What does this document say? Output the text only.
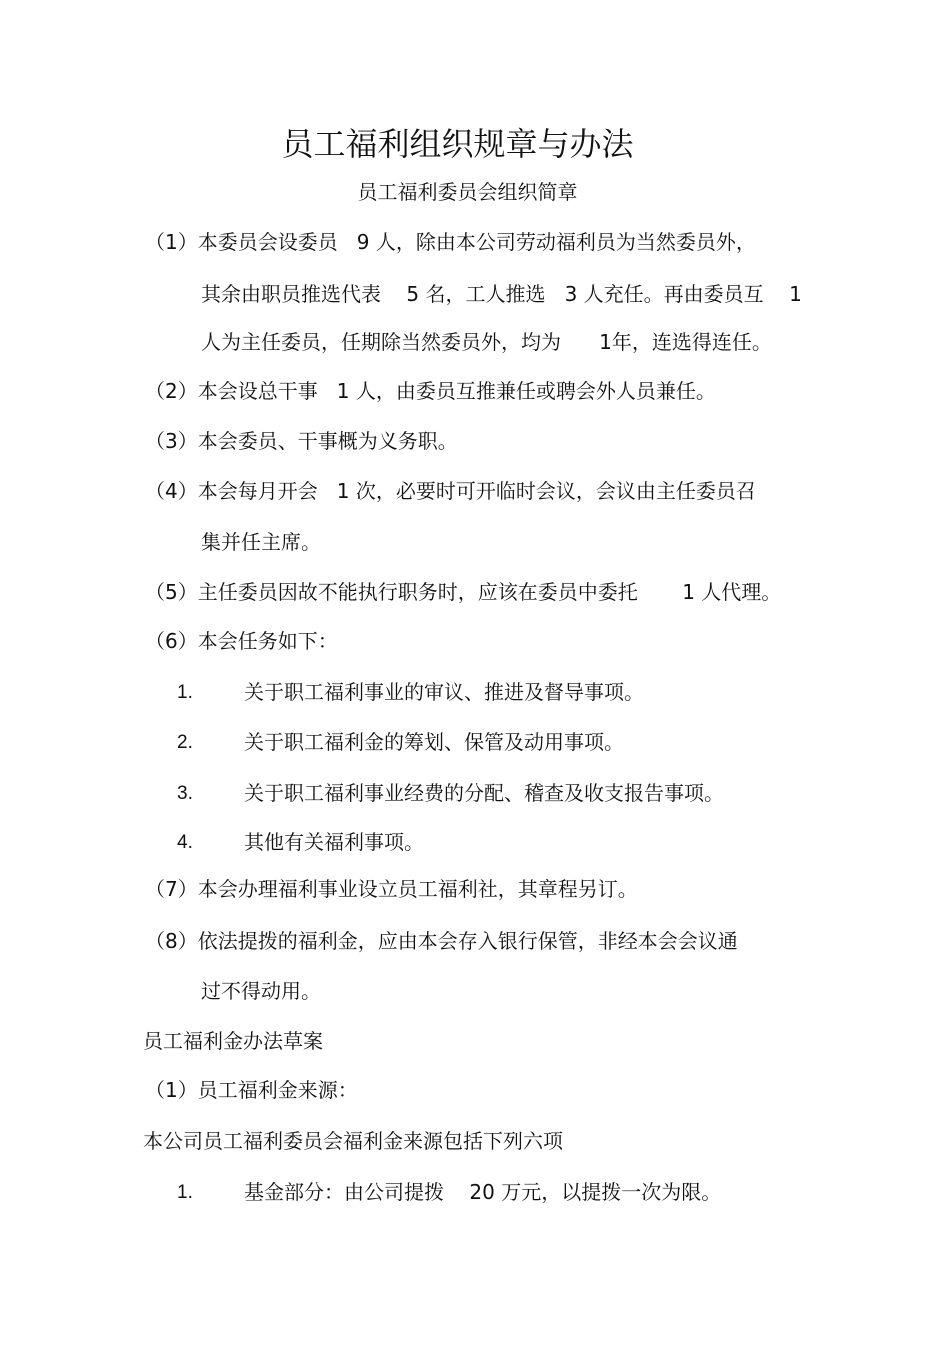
员工福利组织规章与办法
员工福利委员会组织简章
（1）本委员会设委员   9 人，除由本公司劳动福利员为当然委员外，
其余由职员推选代表    5 名，工人推选   3 人充任。再由委员互    1
人为主任委员，任期除当然委员外，均为      1年，连选得连任。
（2）本会设总干事   1 人，由委员互推兼任或聘会外人员兼任。
（3）本会委员、干事概为义务职。
（4）本会每月开会   1 次，必要时可开临时会议，会议由主任委员召
集并任主席。
（5）主任委员因故不能执行职务时，应该在委员中委托       1 人代理。
（6）本会任务如下：
1.	关于职工福利事业的审议、推进及督导事项。
2.	关于职工福利金的筹划、保管及动用事项。
3.	关于职工福利事业经费的分配、稽查及收支报告事项。
4.	其他有关福利事项。
（7）本会办理福利事业设立员工福利社，其章程另订。
（8）依法提拨的福利金，应由本会存入银行保管，非经本会会议通
过不得动用。
员工福利金办法草案
（1）员工福利金来源：
本公司员工福利委员会福利金来源包括下列六项
1.	基金部分：由公司提拨    20 万元，以提拨一次为限。
